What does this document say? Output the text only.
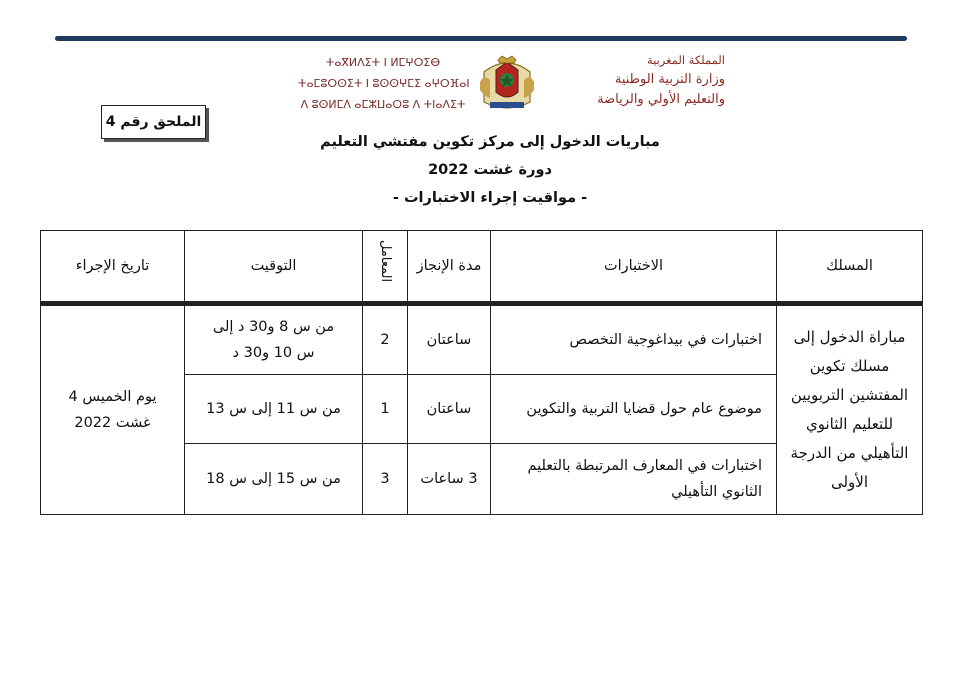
ⵜⴰⴳⵍⴷⵉⵜ ⵏ ⵍⵎⵖⵔⵉⴱ
ⵜⴰⵎⵓⵔⵙⵉⵜ ⵏ ⵓⵙⵙⵖⵎⵉ ⴰⵖⵔⴼⴰⵏ
ⴷ ⵓⵙⵍⵎⴷ ⴰⵎⵣⵡⴰⵔⵓ ⴷ ⵜⵏⴰⴷⵉⵜ
المملكة المغربية
وزارة التربية الوطنية
والتعليم الأولي والرياضة
الملحق رقم 4
مباريات الدخول إلى مركز تكوين مفتشي التعليم
دورة غشت 2022
- مواقيت إجراء الاختبارات -
المسلك	الاختبارات	مدة الإنجاز	المعامل	التوقيت	تاريخ الإجراء
مباراة الدخول إلى مسلك تكوين المفتشين التربويين للتعليم الثانوي التأهيلي من الدرجة الأولى	اختبارات في بيداغوجية التخصص	ساعتان	2	من س 8 و30 د إلى س 10 و30 د	يوم الخميس 4 غشت 2022
	موضوع عام حول قضايا التربية والتكوين	ساعتان	1	من س 11 إلى س 13	
	اختبارات في المعارف المرتبطة بالتعليم الثانوي التأهيلي	3 ساعات	3	من س 15 إلى س 18	
